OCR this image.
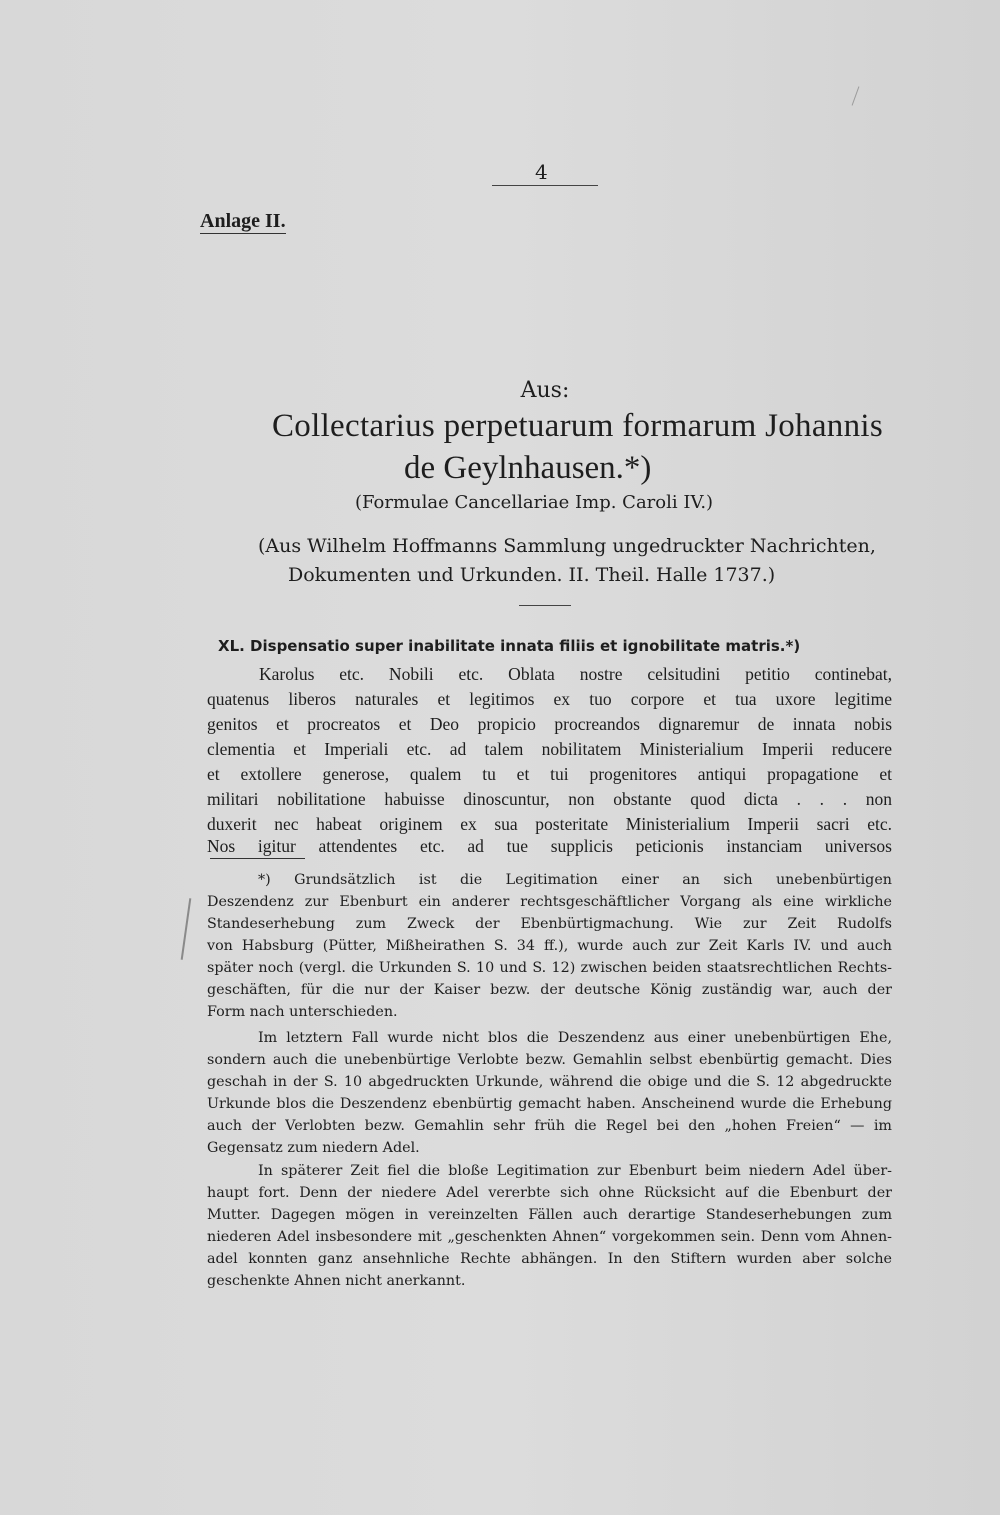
4
Anlage II.
Aus:
Collectarius perpetuarum formarum Johannis
de Geylnhausen.*)
(Formulae Cancellariae Imp. Caroli IV.)
(Aus Wilhelm Hoffmanns Sammlung ungedruckter Nachrichten,
Dokumenten und Urkunden. II. Theil. Halle 1737.)
XL. Dispensatio super inabilitate innata filiis et ignobilitate matris.*)
Karolus etc. Nobili etc. Oblata nostre celsitudini petitio continebat,
quatenus liberos naturales et legitimos ex tuo corpore et tua uxore legitime
genitos et procreatos et Deo propicio procreandos dignaremur de innata nobis
clementia et Imperiali etc. ad talem nobilitatem Ministerialium Imperii reducere
et extollere generose, qualem tu et tui progenitores antiqui propagatione et
militari nobilitatione habuisse dinoscuntur, non obstante quod dicta . . . non
duxerit nec habeat originem ex sua posteritate Ministerialium Imperii sacri etc.
Nos igitur attendentes etc. ad tue supplicis peticionis instanciam universos
*) Grundsätzlich ist die Legitimation einer an sich unebenbürtigen
Deszendenz zur Ebenburt ein anderer rechtsgeschäftlicher Vorgang als eine wirkliche
Standeserhebung zum Zweck der Ebenbürtigmachung. Wie zur Zeit Rudolfs
von Habsburg (Pütter, Mißheirathen S. 34 ff.), wurde auch zur Zeit Karls IV. und auch
später noch (vergl. die Urkunden S. 10 und S. 12) zwischen beiden staatsrechtlichen Rechts-
geschäften, für die nur der Kaiser bezw. der deutsche König zuständig war, auch der
Form nach unterschieden.
Im letztern Fall wurde nicht blos die Deszendenz aus einer unebenbürtigen Ehe,
sondern auch die unebenbürtige Verlobte bezw. Gemahlin selbst ebenbürtig gemacht. Dies
geschah in der S. 10 abgedruckten Urkunde, während die obige und die S. 12 abgedruckte
Urkunde blos die Deszendenz ebenbürtig gemacht haben. Anscheinend wurde die Erhebung
auch der Verlobten bezw. Gemahlin sehr früh die Regel bei den „hohen Freien“ — im
Gegensatz zum niedern Adel.
In späterer Zeit fiel die bloße Legitimation zur Ebenburt beim niedern Adel über-
haupt fort. Denn der niedere Adel vererbte sich ohne Rücksicht auf die Ebenburt der
Mutter. Dagegen mögen in vereinzelten Fällen auch derartige Standeserhebungen zum
niederen Adel insbesondere mit „geschenkten Ahnen“ vorgekommen sein. Denn vom Ahnen-
adel konnten ganz ansehnliche Rechte abhängen. In den Stiftern wurden aber solche
geschenkte Ahnen nicht anerkannt.
